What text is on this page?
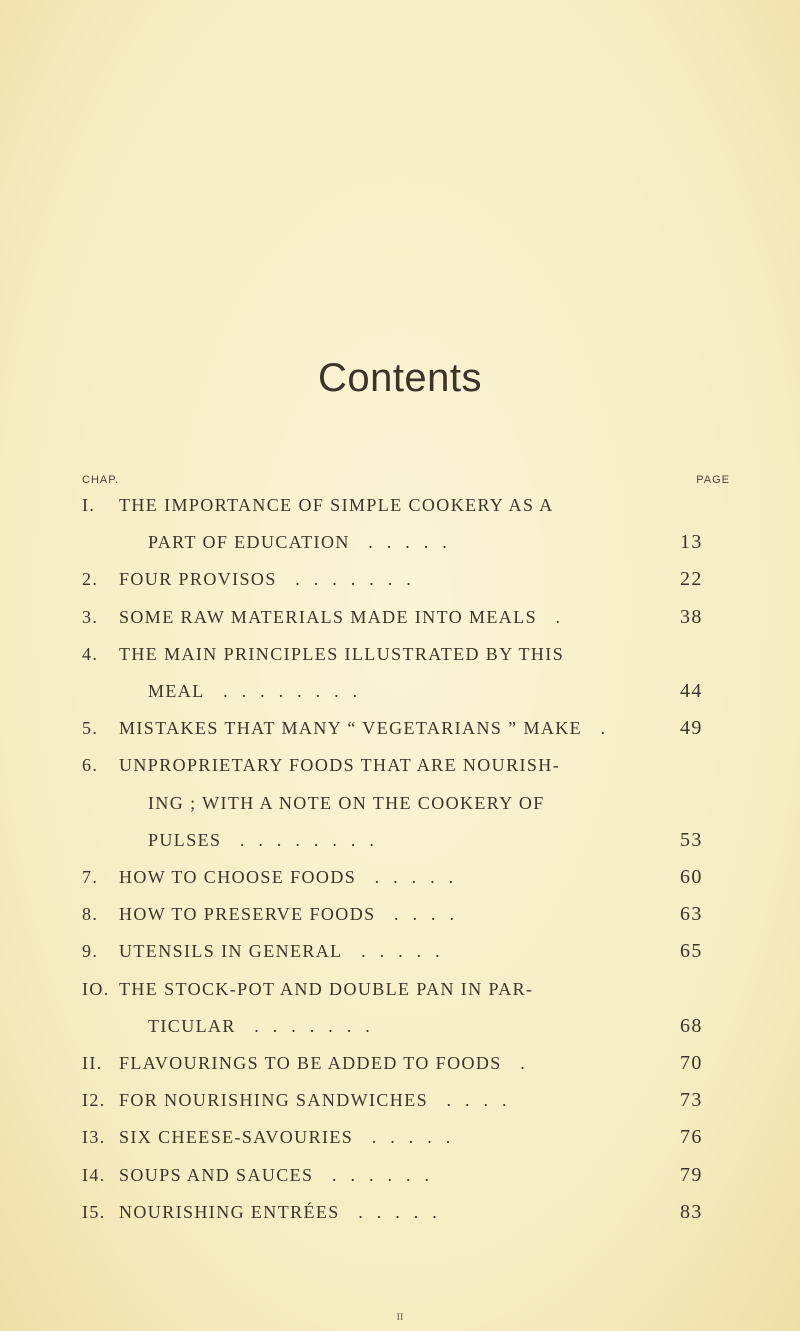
Contents
CHAP.	PAGE
I.	THE IMPORTANCE OF SIMPLE COOKERY AS A
PART OF EDUCATION .....	13
2.	FOUR PROVISOS .......	22
3.	SOME RAW MATERIALS MADE INTO MEALS .	38
4.	THE MAIN PRINCIPLES ILLUSTRATED BY THIS
MEAL ........	44
5.	MISTAKES THAT MANY “ VEGETARIANS ” MAKE .	49
6.	UNPROPRIETARY FOODS THAT ARE NOURISH-
ING ; WITH A NOTE ON THE COOKERY OF
PULSES ........	53
7.	HOW TO CHOOSE FOODS .....	60
8.	HOW TO PRESERVE FOODS ....	63
9.	UTENSILS IN GENERAL .....	65
IO. THE STOCK-POT AND DOUBLE PAN IN PAR-
TICULAR .......	68
II. FLAVOURINGS TO BE ADDED TO FOODS .	70
I2. FOR NOURISHING SANDWICHES ....	73
I3. SIX CHEESE-SAVOURIES .....	76
I4. SOUPS AND SAUCES ......	79
I5. NOURISHING ENTRÉES .....	83
II
